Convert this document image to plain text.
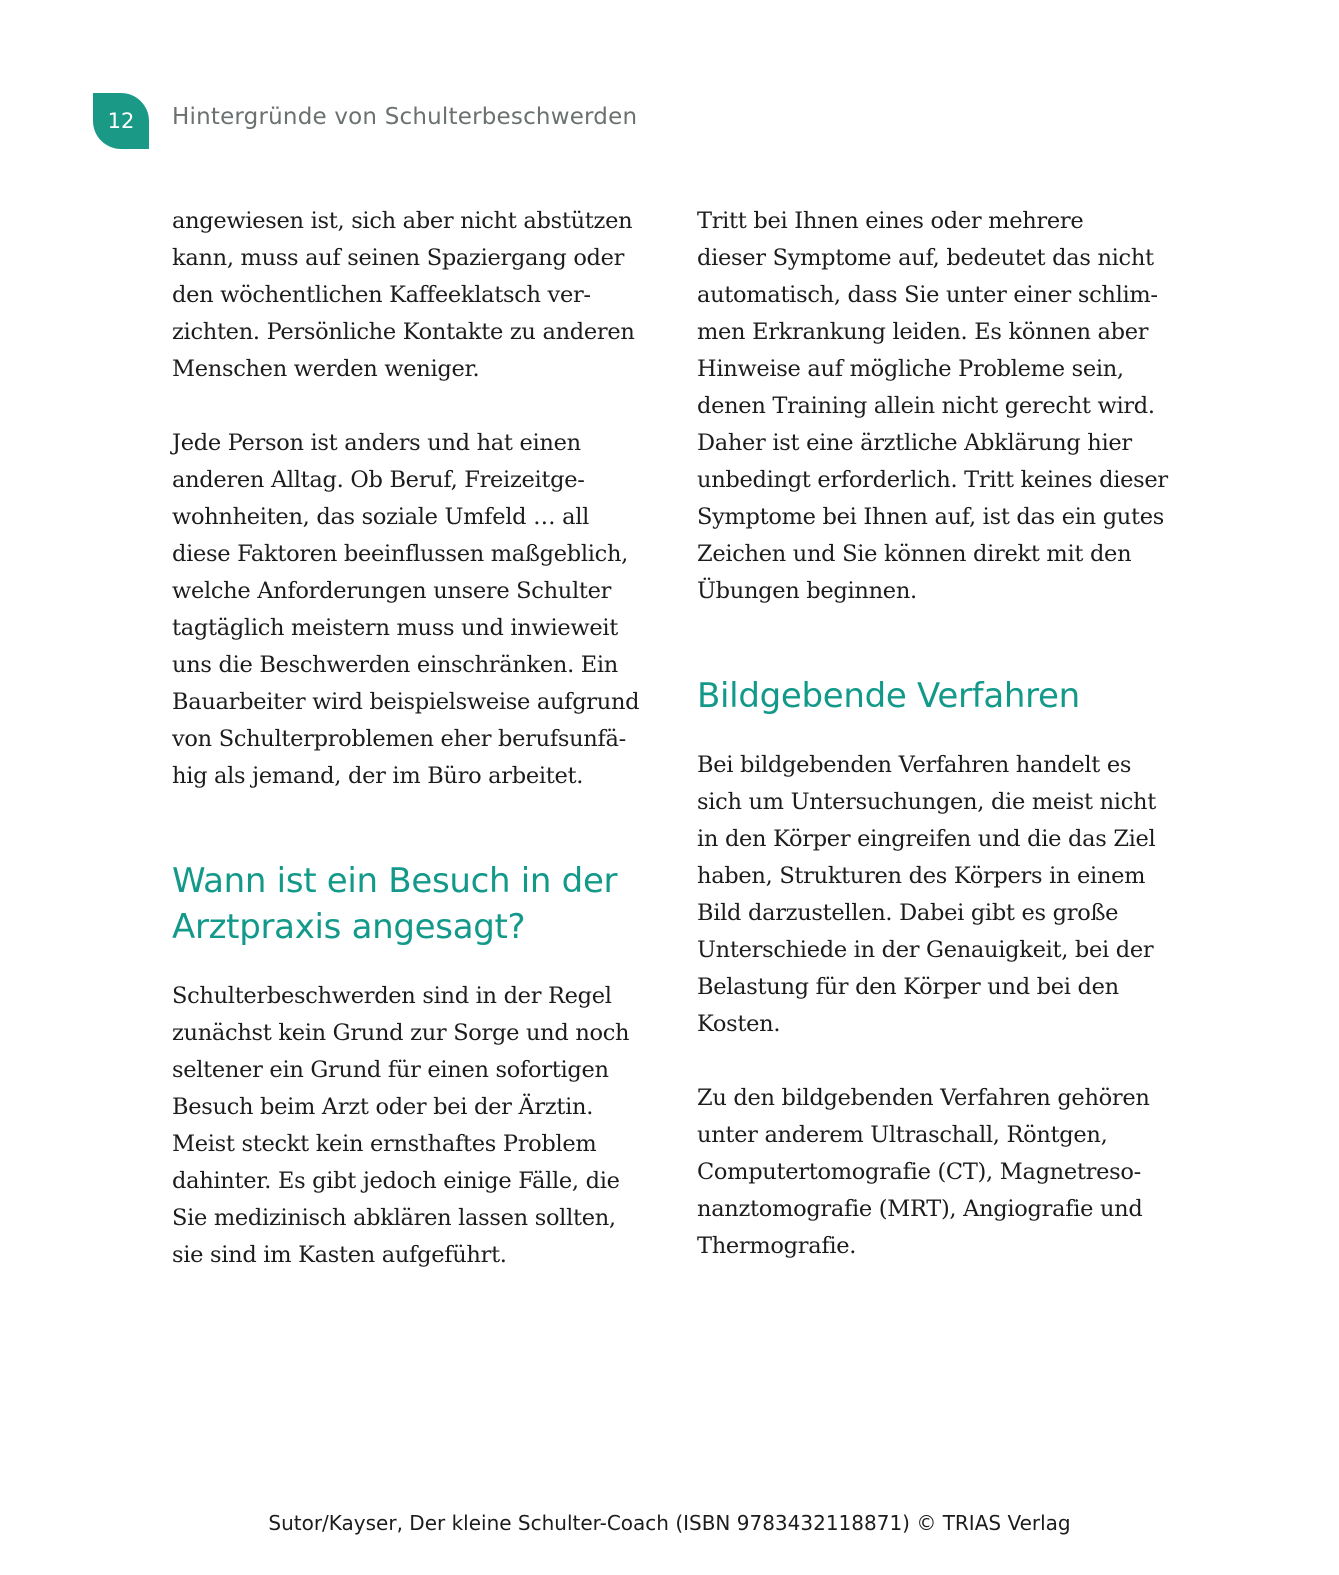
12	Hintergründe von Schulterbeschwerden

angewiesen ist, sich aber nicht abstützen
kann, muss auf seinen Spaziergang oder
den wöchentlichen Kaffeeklatsch ver-
zichten. Persönliche Kontakte zu anderen
Menschen werden weniger.

Jede Person ist anders und hat einen
anderen Alltag. Ob Beruf, Freizeitge-
wohnheiten, das soziale Umfeld … all
diese Faktoren beeinflussen maßgeblich,
welche Anforderungen unsere Schulter
tagtäglich meistern muss und inwieweit
uns die Beschwerden einschränken. Ein
Bauarbeiter wird beispielsweise aufgrund
von Schulterproblemen eher berufsunfä-
hig als jemand, der im Büro arbeitet.

Wann ist ein Besuch in der
Arztpraxis angesagt?

Schulterbeschwerden sind in der Regel
zunächst kein Grund zur Sorge und noch
seltener ein Grund für einen sofortigen
Besuch beim Arzt oder bei der Ärztin.
Meist steckt kein ernsthaftes Problem
dahinter. Es gibt jedoch einige Fälle, die
Sie medizinisch abklären lassen sollten,
sie sind im Kasten aufgeführt.

Tritt bei Ihnen eines oder mehrere
dieser Symptome auf, bedeutet das nicht
automatisch, dass Sie unter einer schlim-
men Erkrankung leiden. Es können aber
Hinweise auf mögliche Probleme sein,
denen Training allein nicht gerecht wird.
Daher ist eine ärztliche Abklärung hier
unbedingt erforderlich. Tritt keines dieser
Symptome bei Ihnen auf, ist das ein gutes
Zeichen und Sie können direkt mit den
Übungen beginnen.

Bildgebende Verfahren

Bei bildgebenden Verfahren handelt es
sich um Untersuchungen, die meist nicht
in den Körper eingreifen und die das Ziel
haben, Strukturen des Körpers in einem
Bild darzustellen. Dabei gibt es große
Unterschiede in der Genauigkeit, bei der
Belastung für den Körper und bei den
Kosten.

Zu den bildgebenden Verfahren gehören
unter anderem Ultraschall, Röntgen,
Computertomografie (CT), Magnetreso-
nanztomografie (MRT), Angiografie und
Thermografie.

Sutor/Kayser, Der kleine Schulter-Coach (ISBN 9783432118871) © TRIAS Verlag
